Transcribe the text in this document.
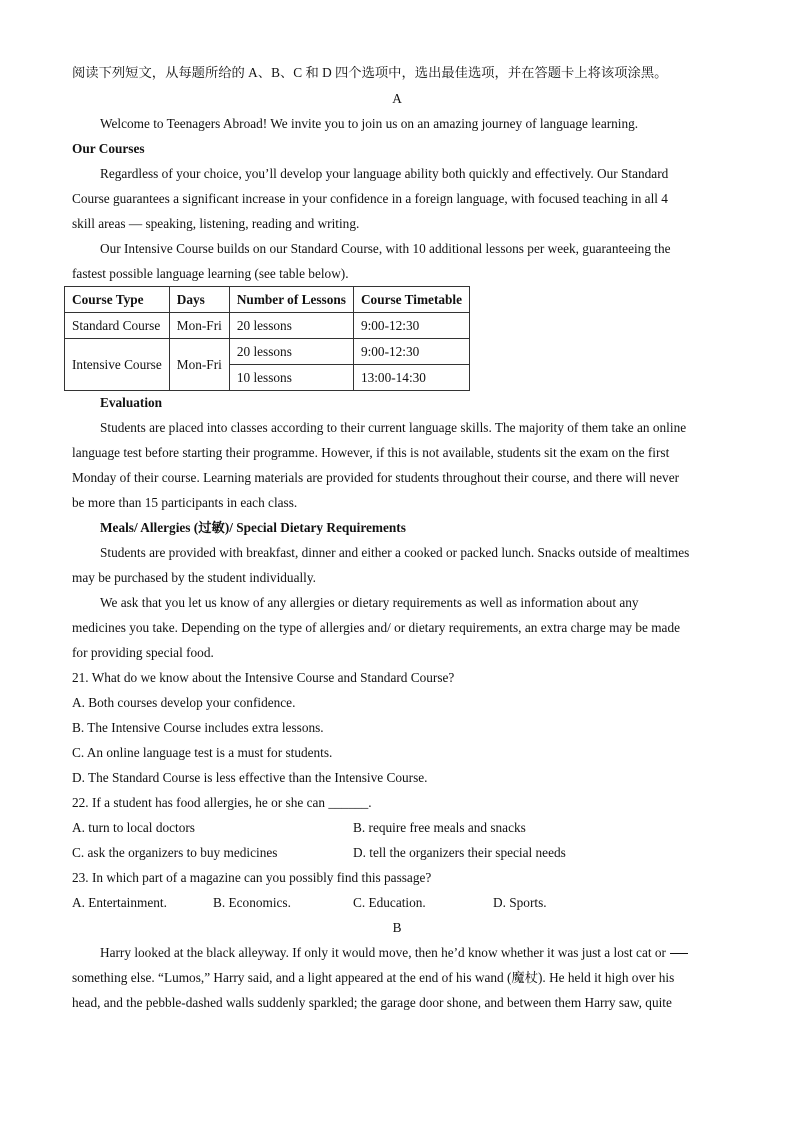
阅读下列短文，从每题所给的 A、B、C 和 D 四个选项中，选出最佳选项，并在答题卡上将该项涂黑。
A
Welcome to Teenagers Abroad! We invite you to join us on an amazing journey of language learning.
Our Courses
Regardless of your choice, you’ll develop your language ability both quickly and effectively. Our Standard
Course guarantees a significant increase in your confidence in a foreign language, with focused teaching in all 4
skill areas — speaking, listening, reading and writing.
Our Intensive Course builds on our Standard Course, with 10 additional lessons per week, guaranteeing the
fastest possible language learning (see table below).
Course Type	Days	Number of Lessons	Course Timetable
Standard Course	Mon-Fri	20 lessons	9:00-12:30
Intensive Course	Mon-Fri	20 lessons	9:00-12:30
		10 lessons	13:00-14:30
Evaluation
Students are placed into classes according to their current language skills. The majority of them take an online
language test before starting their programme. However, if this is not available, students sit the exam on the first
Monday of their course. Learning materials are provided for students throughout their course, and there will never
be more than 15 participants in each class.
Meals/ Allergies (过敏)/ Special Dietary Requirements
Students are provided with breakfast, dinner and either a cooked or packed lunch. Snacks outside of mealtimes
may be purchased by the student individually.
We ask that you let us know of any allergies or dietary requirements as well as information about any
medicines you take. Depending on the type of allergies and/ or dietary requirements, an extra charge may be made
for providing special food.
21. What do we know about the Intensive Course and Standard Course?
A. Both courses develop your confidence.
B. The Intensive Course includes extra lessons.
C. An online language test is a must for students.
D. The Standard Course is less effective than the Intensive Course.
22. If a student has food allergies, he or she can ______.
A. turn to local doctors	B. require free meals and snacks
C. ask the organizers to buy medicines	D. tell the organizers their special needs
23. In which part of a magazine can you possibly find this passage?
A. Entertainment.	B. Economics.	C. Education.	D. Sports.
B
Harry looked at the black alleyway. If only it would move, then he’d know whether it was just a lost cat or
something else. “Lumos,” Harry said, and a light appeared at the end of his wand (魔杖). He held it high over his
head, and the pebble-dashed walls suddenly sparkled; the garage door shone, and between them Harry saw, quite
